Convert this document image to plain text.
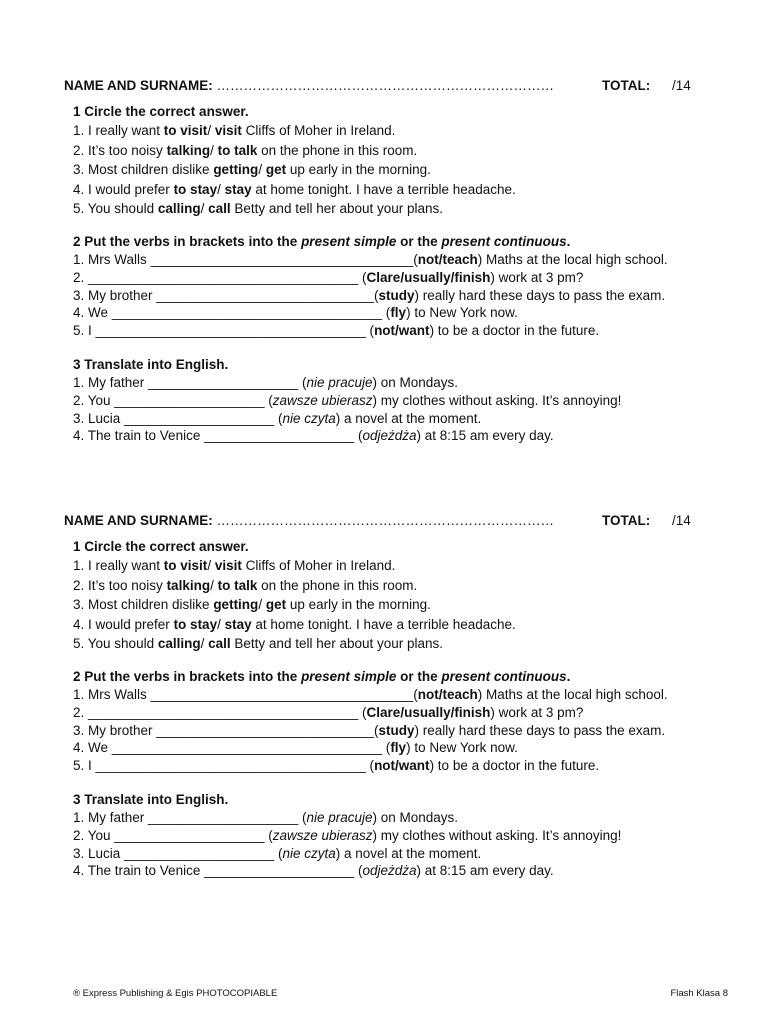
NAME AND SURNAME: …………………………………………………………………	TOTAL: /14
1 Circle the correct answer.
1. I really want to visit/ visit Cliffs of Moher in Ireland.
2. It’s too noisy talking/ to talk on the phone in this room.
3. Most children dislike getting/ get up early in the morning.
4. I would prefer to stay/ stay at home tonight. I have a terrible headache.
5. You should calling/ call Betty and tell her about your plans.
2 Put the verbs in brackets into the present simple or the present continuous.
1. Mrs Walls ___________________________________(not/teach) Maths at the local high school.
2. ____________________________________ (Clare/usually/finish) work at 3 pm?
3. My brother _____________________________(study) really hard these days to pass the exam.
4. We ____________________________________ (fly) to New York now.
5. I ____________________________________ (not/want) to be a doctor in the future.
3 Translate into English.
1. My father ____________________ (nie pracuje) on Mondays.
2. You ____________________ (zawsze ubierasz) my clothes without asking. It’s annoying!
3. Lucia ____________________ (nie czyta) a novel at the moment.
4. The train to Venice ____________________ (odjeżdża) at 8:15 am every day.
NAME AND SURNAME: …………………………………………………………………	TOTAL: /14
1 Circle the correct answer.
1. I really want to visit/ visit Cliffs of Moher in Ireland.
2. It’s too noisy talking/ to talk on the phone in this room.
3. Most children dislike getting/ get up early in the morning.
4. I would prefer to stay/ stay at home tonight. I have a terrible headache.
5. You should calling/ call Betty and tell her about your plans.
2 Put the verbs in brackets into the present simple or the present continuous.
1. Mrs Walls ___________________________________(not/teach) Maths at the local high school.
2. ____________________________________ (Clare/usually/finish) work at 3 pm?
3. My brother _____________________________(study) really hard these days to pass the exam.
4. We ____________________________________ (fly) to New York now.
5. I ____________________________________ (not/want) to be a doctor in the future.
3 Translate into English.
1. My father ____________________ (nie pracuje) on Mondays.
2. You ____________________ (zawsze ubierasz) my clothes without asking. It’s annoying!
3. Lucia ____________________ (nie czyta) a novel at the moment.
4. The train to Venice ____________________ (odjeżdża) at 8:15 am every day.
® Express Publishing & Egis PHOTOCOPIABLE	Flash Klasa 8
